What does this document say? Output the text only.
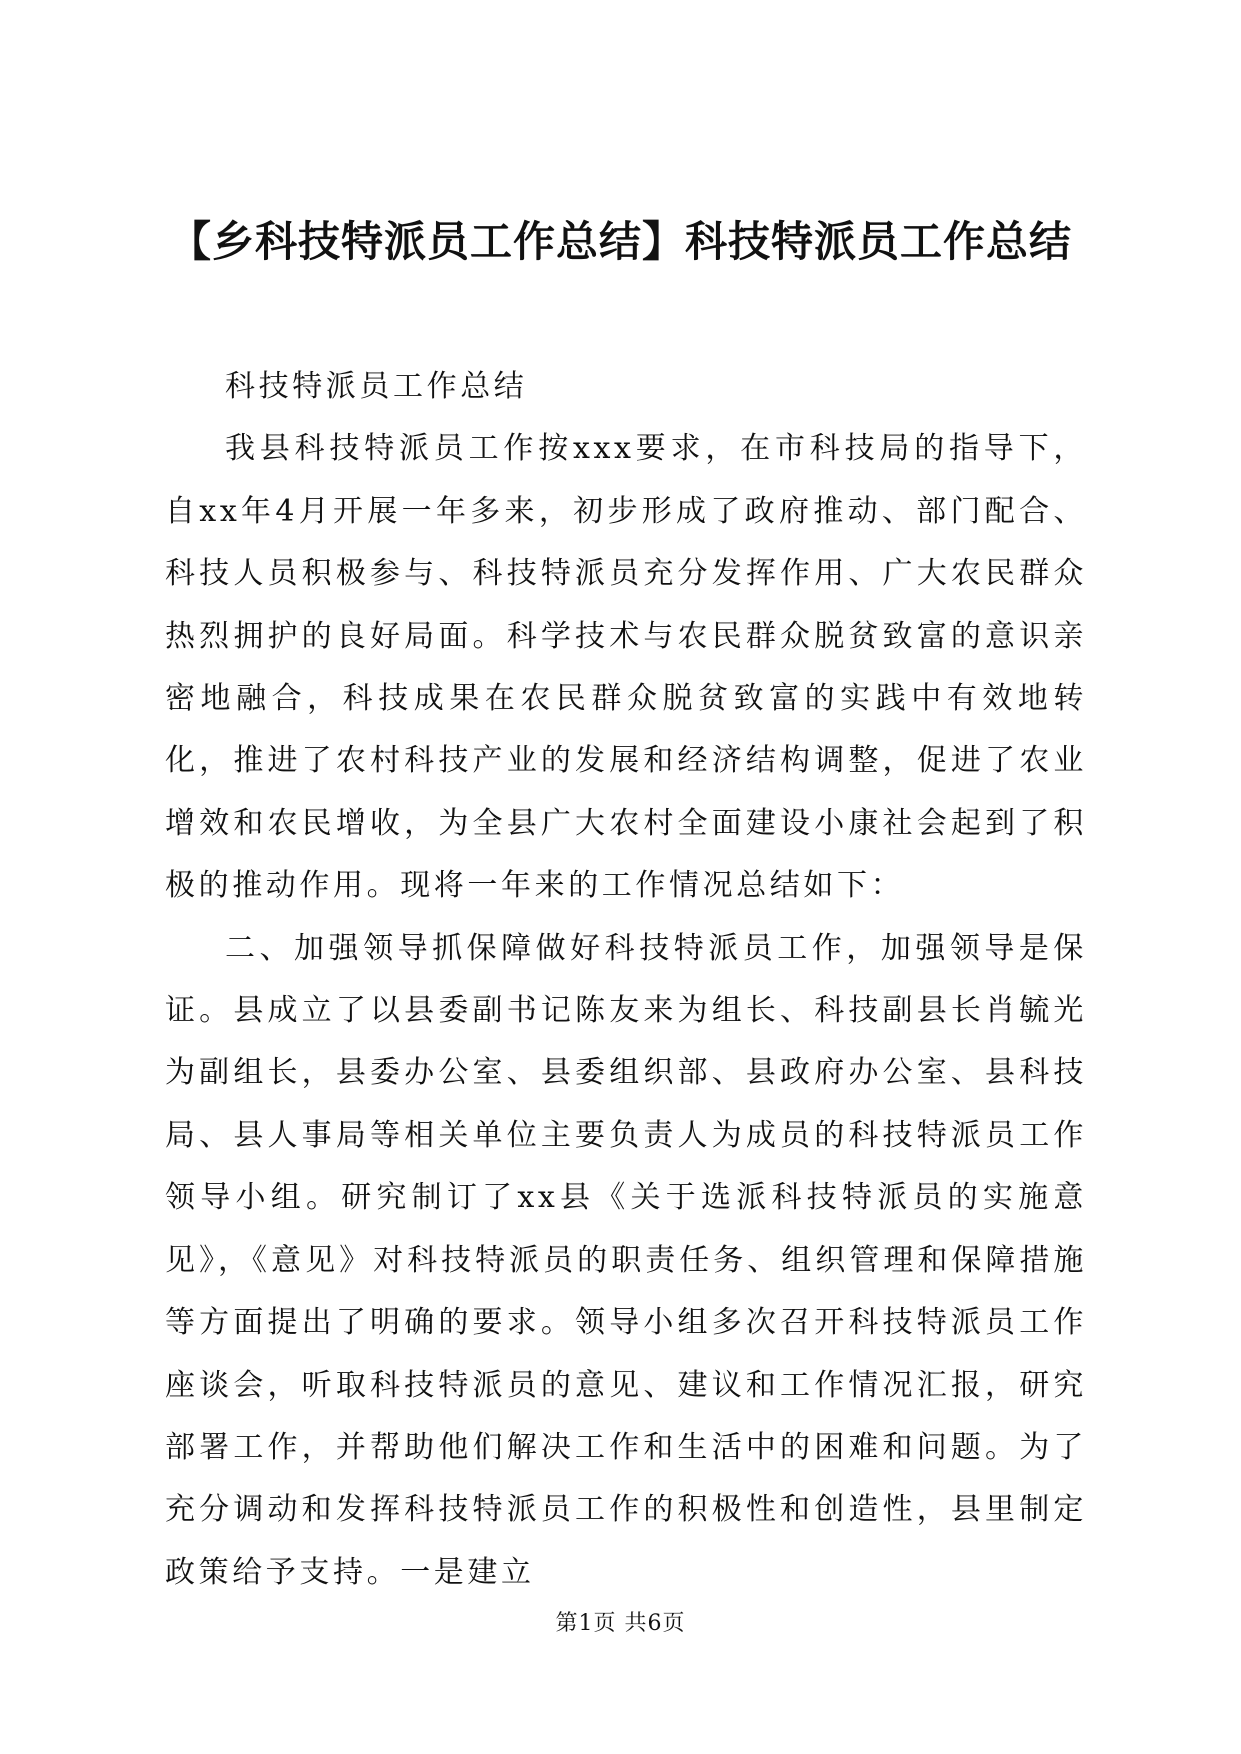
【乡科技特派员工作总结】科技特派员工作总结

科技特派员工作总结

我县科技特派员工作按xxx要求，在市科技局的指导下，自xx年4月开展一年多来，初步形成了政府推动、部门配合、科技人员积极参与、科技特派员充分发挥作用、广大农民群众热烈拥护的良好局面。科学技术与农民群众脱贫致富的意识亲密地融合，科技成果在农民群众脱贫致富的实践中有效地转化，推进了农村科技产业的发展和经济结构调整，促进了农业增效和农民增收，为全县广大农村全面建设小康社会起到了积极的推动作用。现将一年来的工作情况总结如下：

二、加强领导抓保障做好科技特派员工作，加强领导是保证。县成立了以县委副书记陈友来为组长、科技副县长肖毓光为副组长，县委办公室、县委组织部、县政府办公室、县科技局、县人事局等相关单位主要负责人为成员的科技特派员工作领导小组。研究制订了xx县《关于选派科技特派员的实施意见》，《意见》对科技特派员的职责任务、组织管理和保障措施等方面提出了明确的要求。领导小组多次召开科技特派员工作座谈会，听取科技特派员的意见、建议和工作情况汇报，研究部署工作，并帮助他们解决工作和生活中的困难和问题。为了充分调动和发挥科技特派员工作的积极性和创造性，县里制定政策给予支持。一是建立

第1页 共6页
